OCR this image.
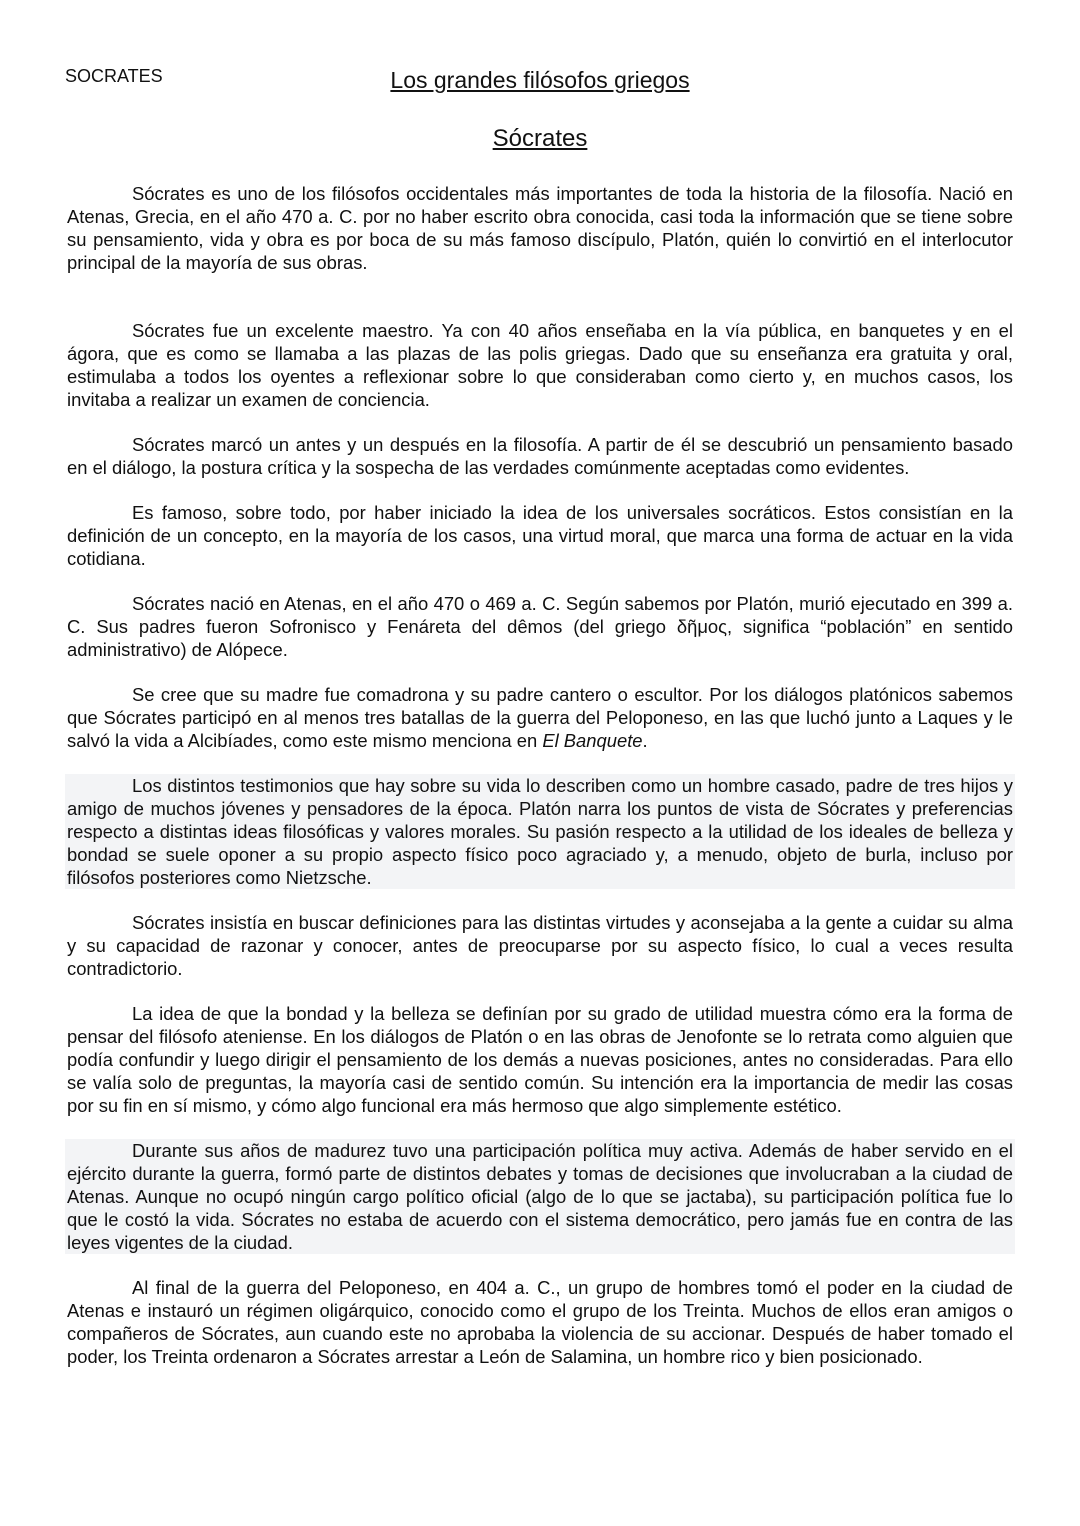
SOCRATES	Los grandes filósofos griegos
Sócrates

Sócrates es uno de los filósofos occidentales más importantes de toda la historia de la filosofía. Nació en Atenas, Grecia, en el año 470 a. C. por no haber escrito obra conocida, casi toda la información que se tiene sobre su pensamiento, vida y obra es por boca de su más famoso discípulo, Platón, quién lo convirtió en el interlocutor principal de la mayoría de sus obras.

Sócrates fue un excelente maestro. Ya con 40 años enseñaba en la vía pública, en banquetes y en el ágora, que es como se llamaba a las plazas de las polis griegas. Dado que su enseñanza era gratuita y oral, estimulaba a todos los oyentes a reflexionar sobre lo que consideraban como cierto y, en muchos casos, los invitaba a realizar un examen de conciencia.

Sócrates marcó un antes y un después en la filosofía. A partir de él se descubrió un pensamiento basado en el diálogo, la postura crítica y la sospecha de las verdades comúnmente aceptadas como evidentes.

Es famoso, sobre todo, por haber iniciado la idea de los universales socráticos. Estos consistían en la definición de un concepto, en la mayoría de los casos, una virtud moral, que marca una forma de actuar en la vida cotidiana.

Sócrates nació en Atenas, en el año 470 o 469 a. C. Según sabemos por Platón, murió ejecutado en 399 a. C. Sus padres fueron Sofronisco y Fenáreta del dêmos (del griego δῆμος, significa “población” en sentido administrativo) de Alópece.

Se cree que su madre fue comadrona y su padre cantero o escultor. Por los diálogos platónicos sabemos que Sócrates participó en al menos tres batallas de la guerra del Peloponeso, en las que luchó junto a Laques y le salvó la vida a Alcibíades, como este mismo menciona en El Banquete.

Los distintos testimonios que hay sobre su vida lo describen como un hombre casado, padre de tres hijos y amigo de muchos jóvenes y pensadores de la época. Platón narra los puntos de vista de Sócrates y preferencias respecto a distintas ideas filosóficas y valores morales. Su pasión respecto a la utilidad de los ideales de belleza y bondad se suele oponer a su propio aspecto físico poco agraciado y, a menudo, objeto de burla, incluso por filósofos posteriores como Nietzsche.

Sócrates insistía en buscar definiciones para las distintas virtudes y aconsejaba a la gente a cuidar su alma y su capacidad de razonar y conocer, antes de preocuparse por su aspecto físico, lo cual a veces resulta contradictorio.

La idea de que la bondad y la belleza se definían por su grado de utilidad muestra cómo era la forma de pensar del filósofo ateniense. En los diálogos de Platón o en las obras de Jenofonte se lo retrata como alguien que podía confundir y luego dirigir el pensamiento de los demás a nuevas posiciones, antes no consideradas. Para ello se valía solo de preguntas, la mayoría casi de sentido común. Su intención era la importancia de medir las cosas por su fin en sí mismo, y cómo algo funcional era más hermoso que algo simplemente estético.

Durante sus años de madurez tuvo una participación política muy activa. Además de haber servido en el ejército durante la guerra, formó parte de distintos debates y tomas de decisiones que involucraban a la ciudad de Atenas. Aunque no ocupó ningún cargo político oficial (algo de lo que se jactaba), su participación política fue lo que le costó la vida. Sócrates no estaba de acuerdo con el sistema democrático, pero jamás fue en contra de las leyes vigentes de la ciudad.

Al final de la guerra del Peloponeso, en 404 a. C., un grupo de hombres tomó el poder en la ciudad de Atenas e instauró un régimen oligárquico, conocido como el grupo de los Treinta. Muchos de ellos eran amigos o compañeros de Sócrates, aun cuando este no aprobaba la violencia de su accionar. Después de haber tomado el poder, los Treinta ordenaron a Sócrates arrestar a León de Salamina, un hombre rico y bien posicionado.
